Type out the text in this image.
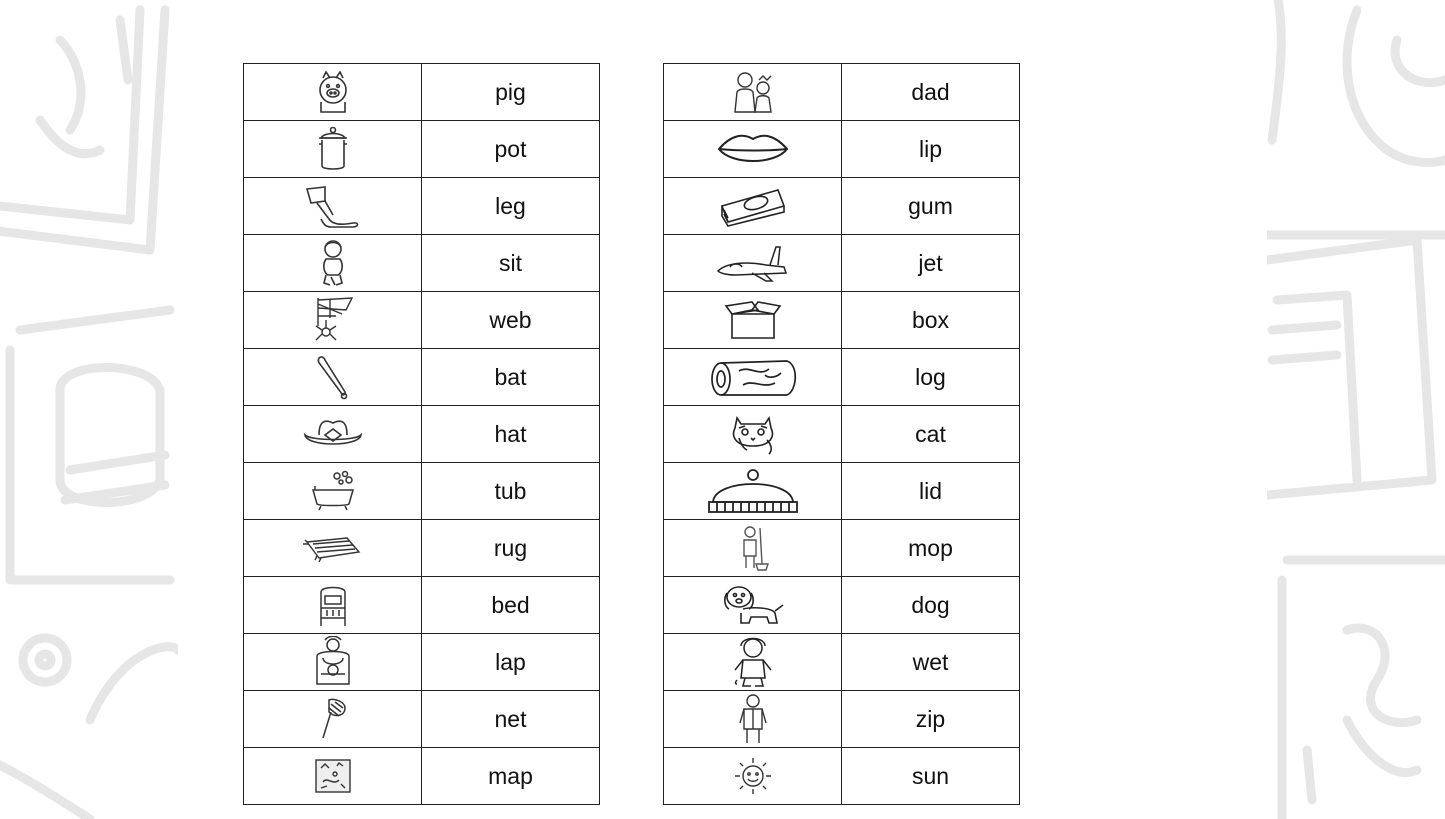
	pig

	pot

	leg

	sit

	web

	bat

	hat

	tub

	rug

	bed

	lap

	net

	map
	dad

	lip

	gum

	jet

	box

	log

	cat

	lid

	mop

	dog

	wet

	zip

	sun
